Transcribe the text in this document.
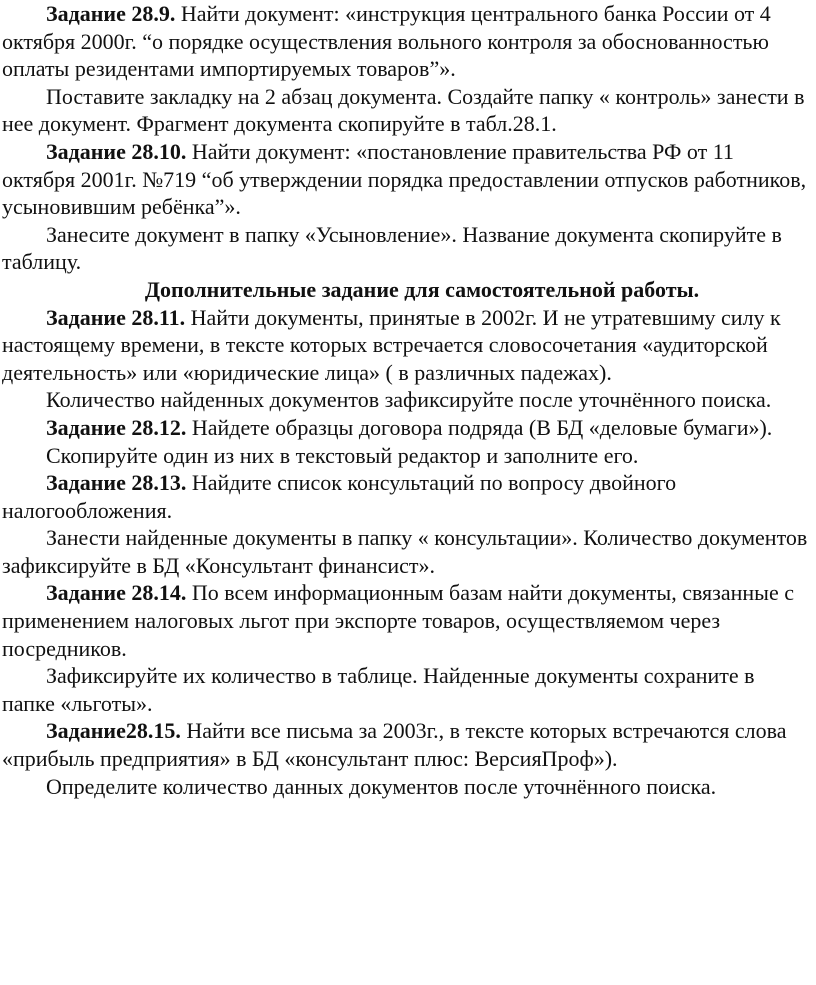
Задание 28.9. Найти документ: «инструкция центрального банка России от 4 октября 2000г. “о порядке осуществления вольного контроля за обоснованностью оплаты резидентами импортируемых товаров”».

Поставите закладку на 2 абзац документа. Создайте папку « контроль» занести в нее документ. Фрагмент документа скопируйте в табл.28.1.

Задание 28.10. Найти документ: «постановление правительства РФ от 11 октября 2001г. №719 “об утверждении порядка предоставлении отпусков работников, усыновившим ребёнка”».

Занесите документ в папку «Усыновление». Название документа скопируйте в таблицу.

Дополнительные задание для самостоятельной работы.

Задание 28.11. Найти документы, принятые в 2002г. И не утратевшиму силу к настоящему времени, в тексте которых встречается словосочетания «аудиторской деятельность» или «юридические лица» ( в различных падежах).

Количество найденных документов зафиксируйте после уточнённого поиска.

Задание 28.12. Найдете образцы договора подряда (В БД «деловые бумаги»).

Скопируйте один из них в текстовый редактор и заполните его.

Задание 28.13. Найдите список консультаций по вопросу двойного налогообложения.

Занести найденные документы в папку « консультации». Количество документов зафиксируйте в БД «Консультант финансист».

Задание 28.14. По всем информационным базам найти документы, связанные с применением налоговых льгот при экспорте товаров, осуществляемом через посредников.

Зафиксируйте их количество в таблице. Найденные документы сохраните в папке «льготы».

Задание28.15. Найти все письма за 2003г., в тексте которых встречаются слова «прибыль предприятия» в БД «консультант плюс: ВерсияПроф»).

Определите количество данных документов после уточнённого поиска.
